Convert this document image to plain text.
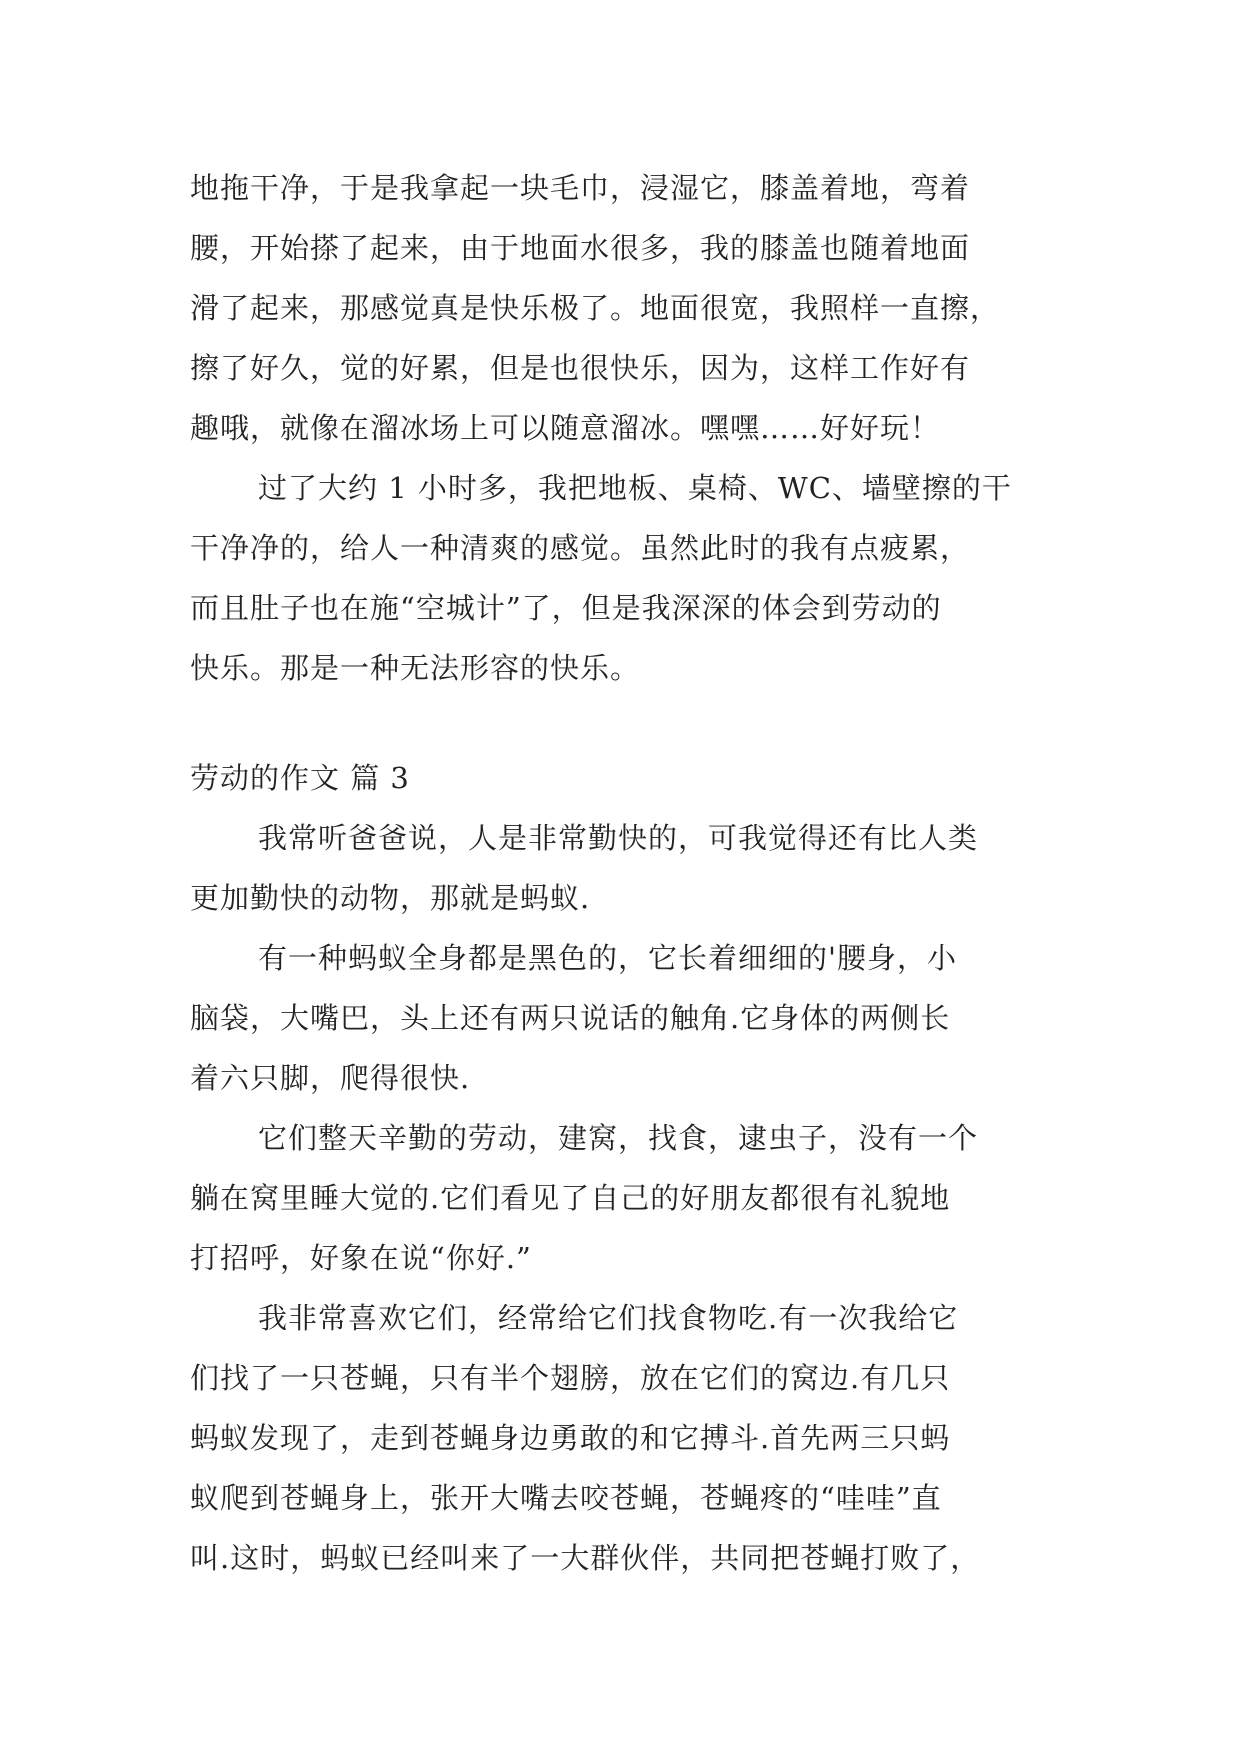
地拖干净，于是我拿起一块毛巾，浸湿它，膝盖着地，弯着
腰，开始搽了起来，由于地面水很多，我的膝盖也随着地面
滑了起来，那感觉真是快乐极了。地面很宽，我照样一直擦，
擦了好久，觉的好累，但是也很快乐，因为，这样工作好有
趣哦，就像在溜冰场上可以随意溜冰。嘿嘿……好好玩！
过了大约 1 小时多，我把地板、桌椅、WC、墙壁擦的干
干净净的，给人一种清爽的感觉。虽然此时的我有点疲累，
而且肚子也在施“空城计”了，但是我深深的体会到劳动的
快乐。那是一种无法形容的快乐。
劳动的作文 篇 3
我常听爸爸说，人是非常勤快的，可我觉得还有比人类
更加勤快的动物，那就是蚂蚁.
有一种蚂蚁全身都是黑色的，它长着细细的'腰身，小
脑袋，大嘴巴，头上还有两只说话的触角.它身体的两侧长
着六只脚，爬得很快.
它们整天辛勤的劳动，建窝，找食，逮虫子，没有一个
躺在窝里睡大觉的.它们看见了自己的好朋友都很有礼貌地
打招呼，好象在说“你好.”
我非常喜欢它们，经常给它们找食物吃.有一次我给它
们找了一只苍蝇，只有半个翅膀，放在它们的窝边.有几只
蚂蚁发现了，走到苍蝇身边勇敢的和它搏斗.首先两三只蚂
蚁爬到苍蝇身上，张开大嘴去咬苍蝇，苍蝇疼的“哇哇”直
叫.这时，蚂蚁已经叫来了一大群伙伴，共同把苍蝇打败了，
